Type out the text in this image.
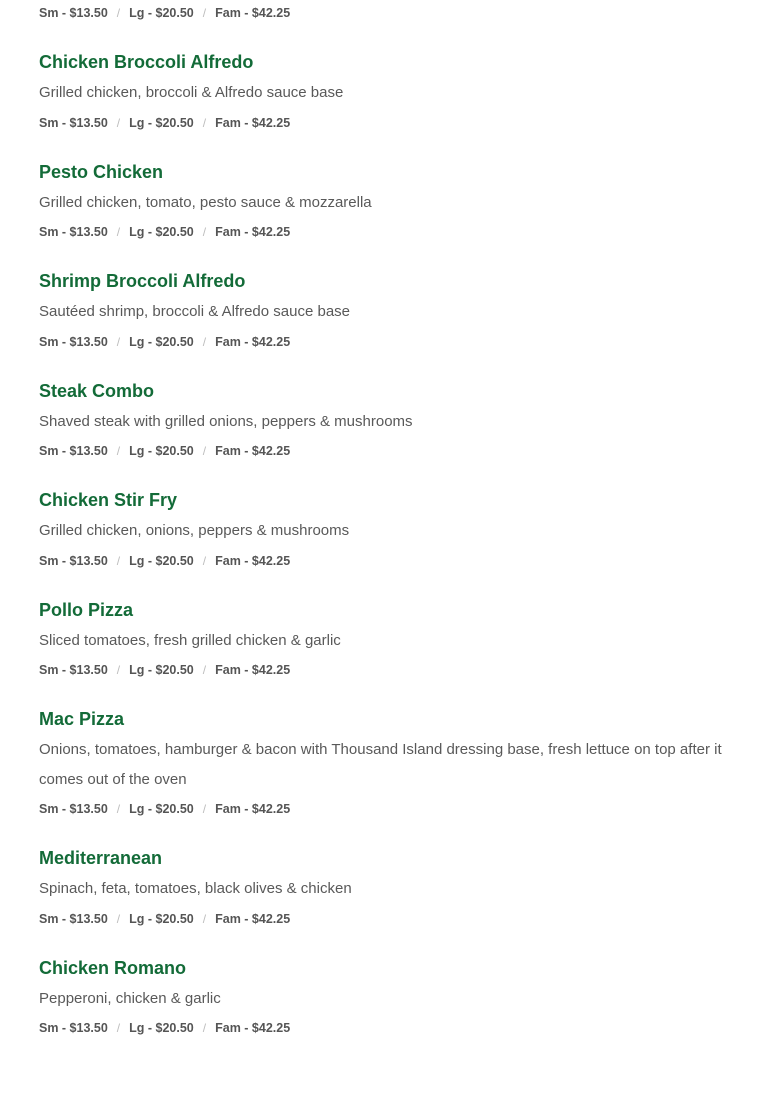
Sm - $13.50 / Lg - $20.50 / Fam - $42.25
Chicken Broccoli Alfredo

Grilled chicken, broccoli & Alfredo sauce base

Sm - $13.50 / Lg - $20.50 / Fam - $42.25
Pesto Chicken

Grilled chicken, tomato, pesto sauce & mozzarella

Sm - $13.50 / Lg - $20.50 / Fam - $42.25
Shrimp Broccoli Alfredo

Sautéed shrimp, broccoli & Alfredo sauce base

Sm - $13.50 / Lg - $20.50 / Fam - $42.25
Steak Combo

Shaved steak with grilled onions, peppers & mushrooms

Sm - $13.50 / Lg - $20.50 / Fam - $42.25
Chicken Stir Fry

Grilled chicken, onions, peppers & mushrooms

Sm - $13.50 / Lg - $20.50 / Fam - $42.25
Pollo Pizza

Sliced tomatoes, fresh grilled chicken & garlic

Sm - $13.50 / Lg - $20.50 / Fam - $42.25
Mac Pizza

Onions, tomatoes, hamburger & bacon with Thousand Island dressing base, fresh lettuce on top after it comes out of the oven

Sm - $13.50 / Lg - $20.50 / Fam - $42.25
Mediterranean

Spinach, feta, tomatoes, black olives & chicken

Sm - $13.50 / Lg - $20.50 / Fam - $42.25
Chicken Romano

Pepperoni, chicken & garlic

Sm - $13.50 / Lg - $20.50 / Fam - $42.25
